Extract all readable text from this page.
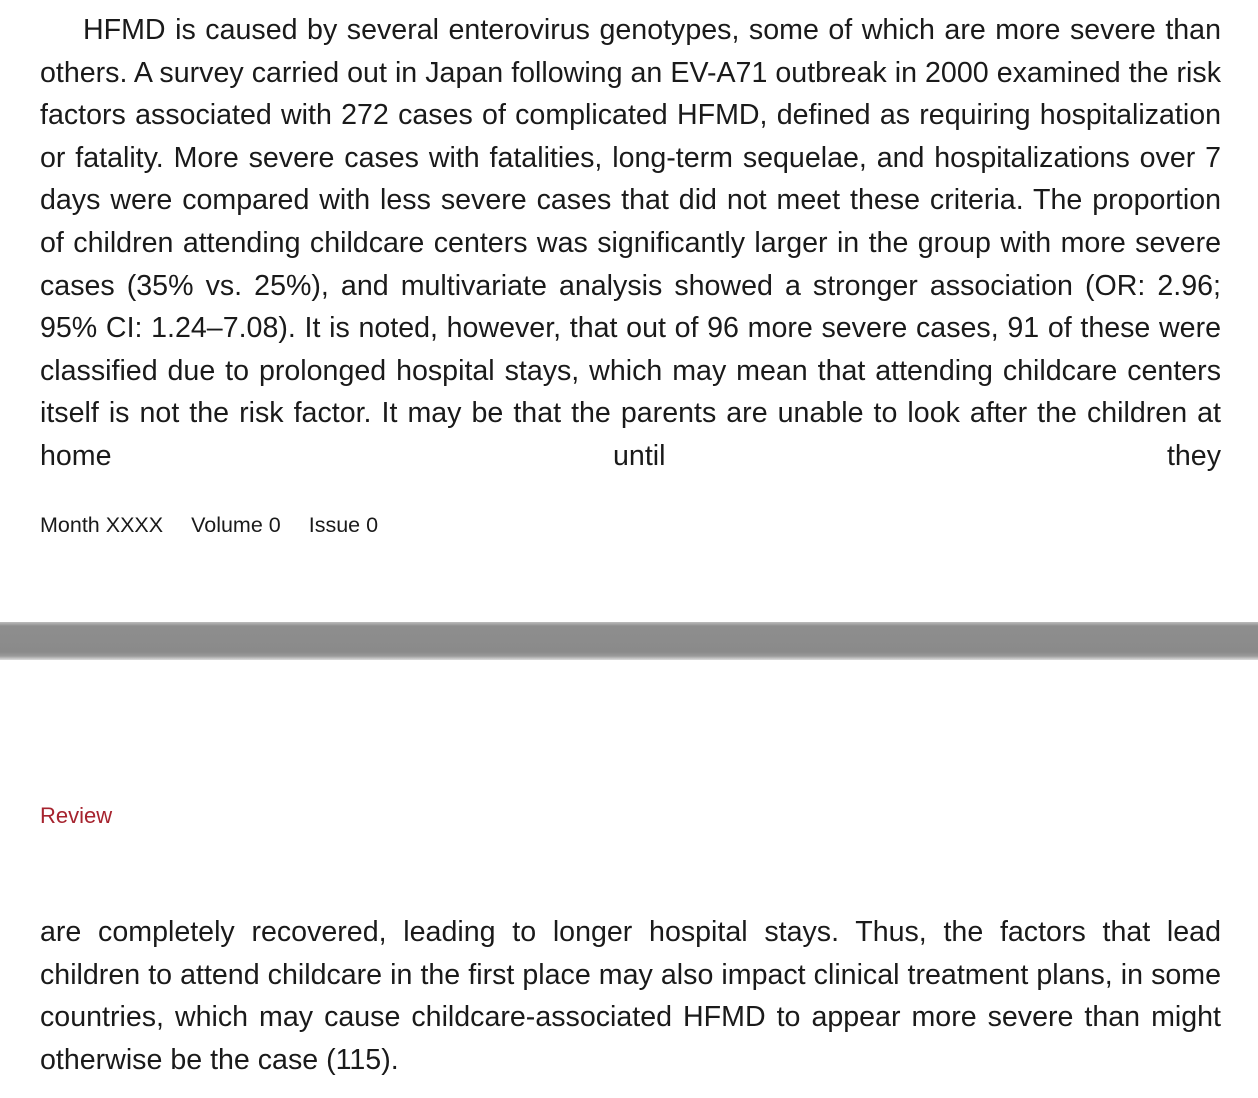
HFMD is caused by several enterovirus genotypes, some of which are more severe than others. A survey carried out in Japan following an EV-A71 outbreak in 2000 examined the risk factors associated with 272 cases of complicated HFMD, defined as requiring hospitalization or fatality. More severe cases with fatalities, long-term sequelae, and hospitalizations over 7 days were compared with less severe cases that did not meet these criteria. The proportion of children attending childcare centers was significantly larger in the group with more severe cases (35% vs. 25%), and multivariate analysis showed a stronger association (OR: 2.96; 95% CI: 1.24–7.08). It is noted, however, that out of 96 more severe cases, 91 of these were classified due to prolonged hospital stays, which may mean that attending childcare centers itself is not the risk factor. It may be that the parents are unable to look after the children at home until they

Month XXXX Volume 0 Issue 0
Review

are completely recovered, leading to longer hospital stays. Thus, the factors that lead children to attend childcare in the first place may also impact clinical treatment plans, in some countries, which may cause childcare-associated HFMD to appear more severe than might otherwise be the case (115).
